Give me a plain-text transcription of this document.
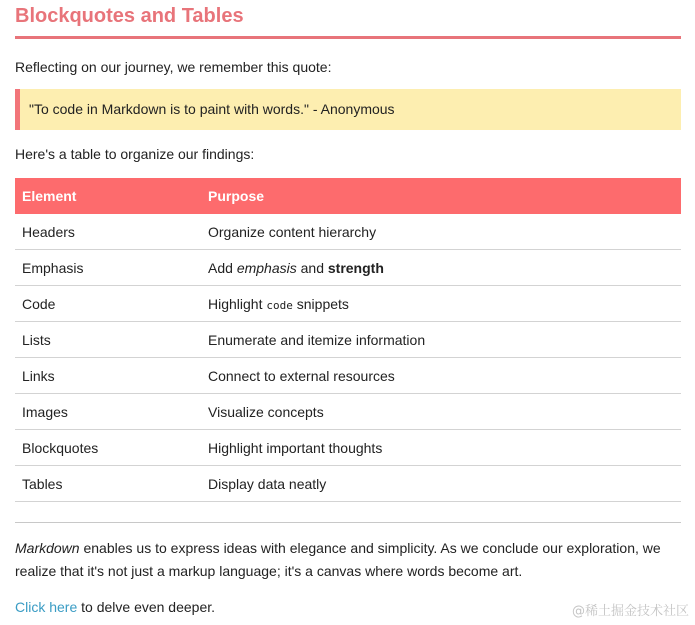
Blockquotes and Tables

Reflecting on our journey, we remember this quote:

"To code in Markdown is to paint with words." - Anonymous

Here's a table to organize our findings:

Element	Purpose
Headers	Organize content hierarchy
Emphasis	Add emphasis and strength
Code	Highlight code snippets
Lists	Enumerate and itemize information
Links	Connect to external resources
Images	Visualize concepts
Blockquotes	Highlight important thoughts
Tables	Display data neatly

Markdown enables us to express ideas with elegance and simplicity. As we conclude our exploration, we realize that it's not just a markup language; it's a canvas where words become art.

Click here to delve even deeper.	@稀土掘金技术社区
